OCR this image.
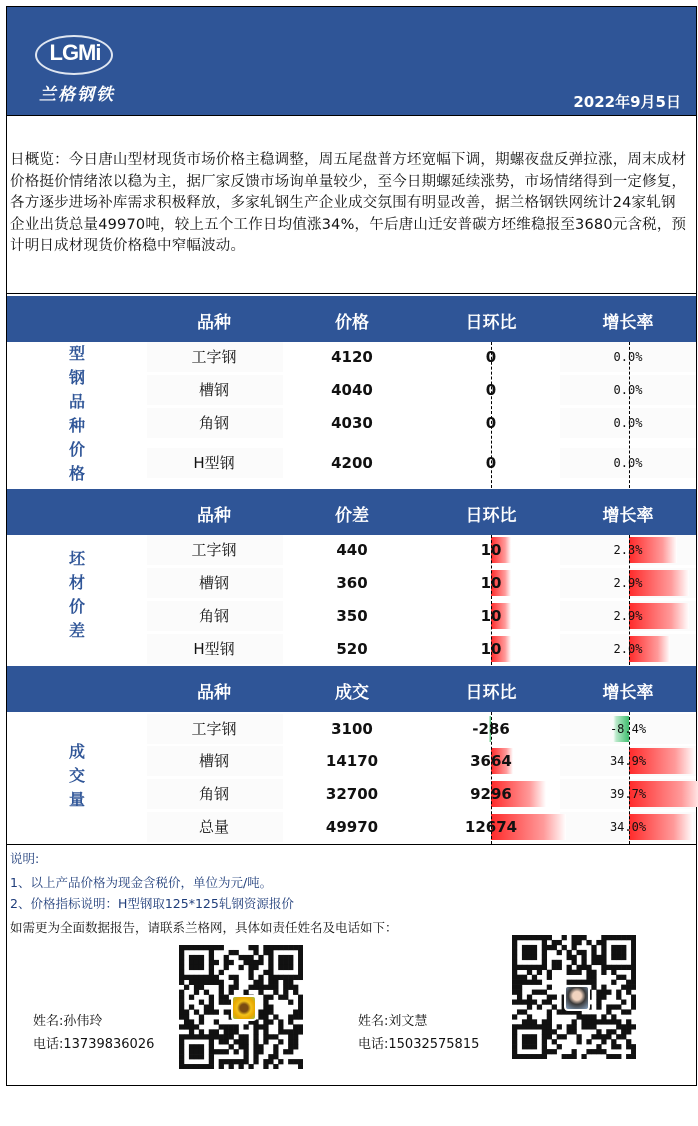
LGMi
兰格钢铁	2022年9月5日
日概览：今日唐山型材现货市场价格主稳调整，周五尾盘普方坯宽幅下调，期螺夜盘反弹拉涨，周末成材价格挺价情绪浓以稳为主，据厂家反馈市场询单量较少，至今日期螺延续涨势，市场情绪得到一定修复，各方逐步进场补库需求积极释放，多家轧钢生产企业成交氛围有明显改善，据兰格钢铁网统计24家轧钢企业出货总量49970吨，较上五个工作日均值涨34%，午后唐山迁安普碳方坯维稳报至3680元含税，预计明日成材现货价格稳中窄幅波动。
品种	价格	日环比	增长率
型
钢
品
种
价
格
工字钢	4120	0	0.0%
槽钢	4040	0	0.0%
角钢	4030	0	0.0%
H型钢	4200	0	0.0%
品种	价差	日环比	增长率
坯
材
价
差
工字钢	440	10	2.3%
槽钢	360	10	2.9%
角钢	350	10	2.9%
H型钢	520	10	2.0%
品种	成交	日环比	增长率
成
交
量
工字钢	3100	-286	-8.4%
槽钢	14170	3664	34.9%
角钢	32700	9296	39.7%
总量	49970	12674	34.0%
说明:
1、以上产品价格为现金含税价，单位为元/吨。
2、价格指标说明：H型钢取125*125轧钢资源报价
如需更为全面数据报告，请联系兰格网，具体如责任姓名及电话如下：
姓名:孙伟玲
电话:13739836026
姓名:刘文慧
电话:15032575815
